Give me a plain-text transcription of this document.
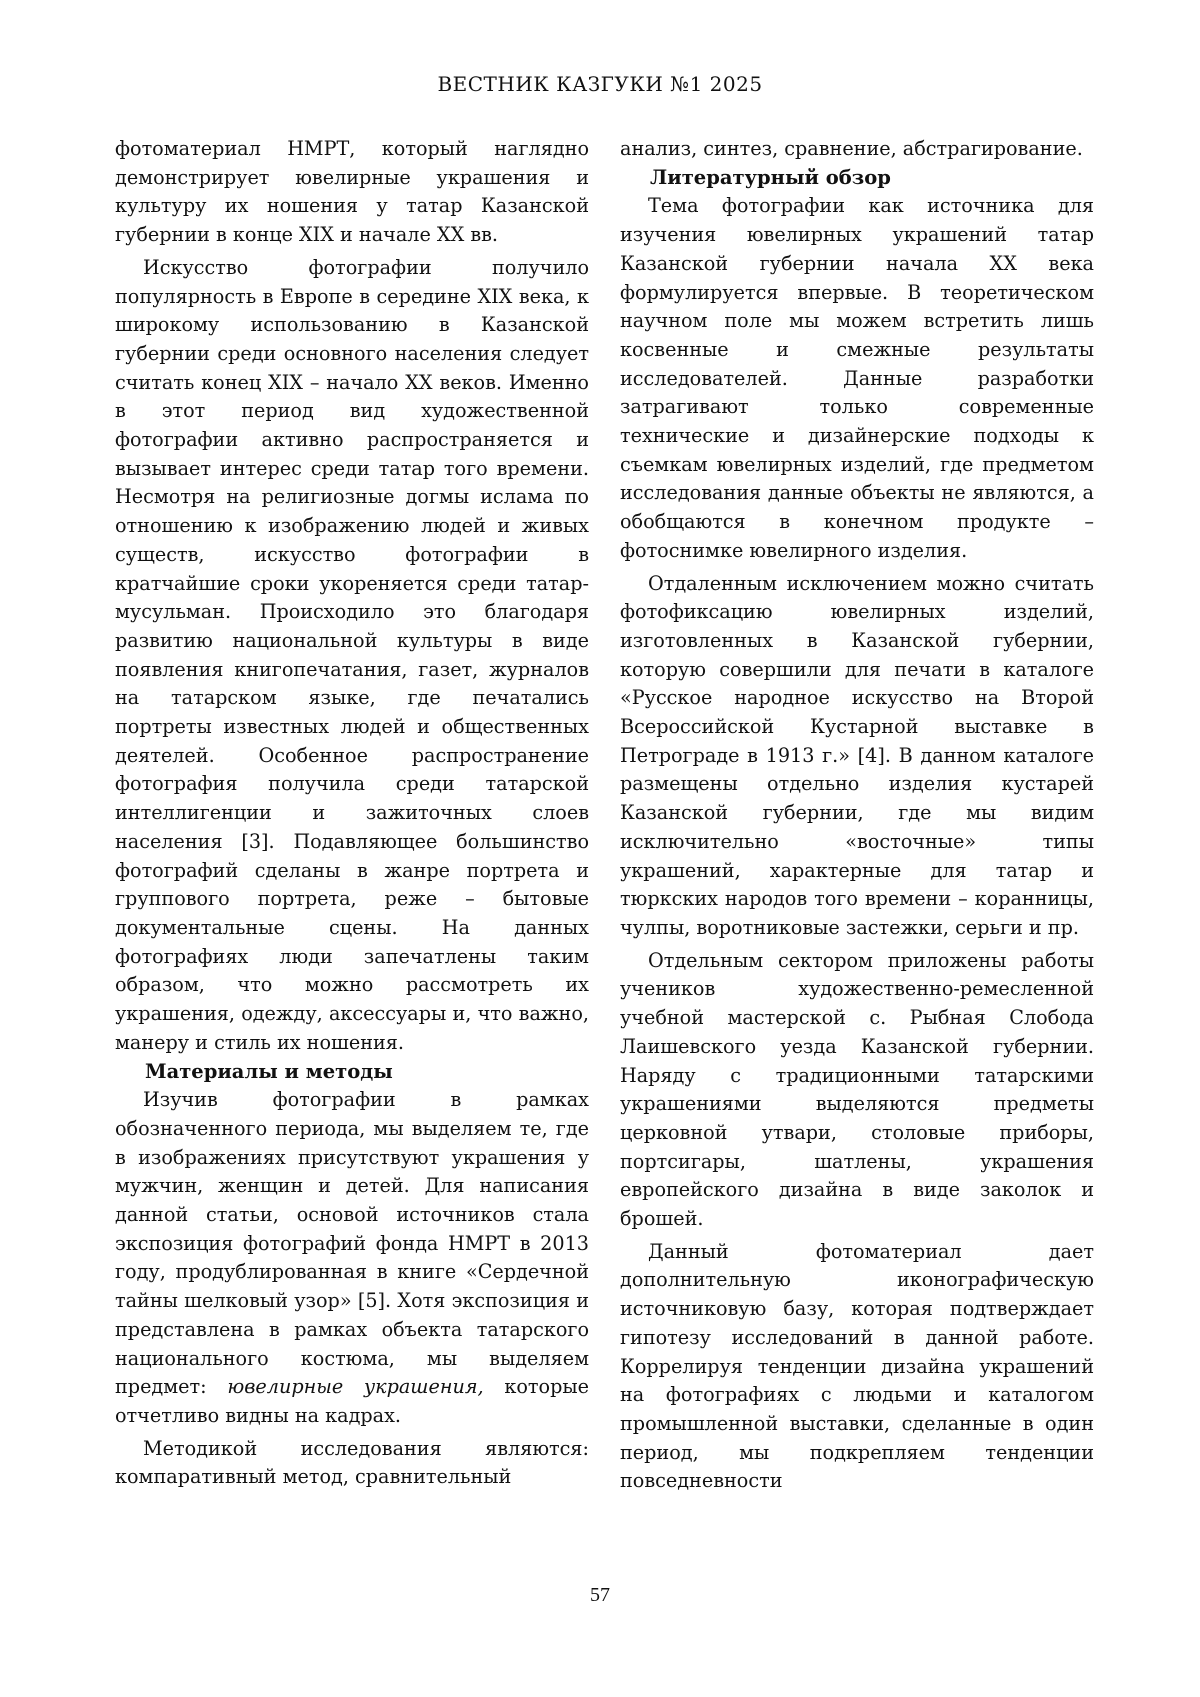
ВЕСТНИК КАЗГУКИ №1 2025

фотоматериал НМРТ, который наглядно демонстрирует ювелирные украшения и культуру их ношения у татар Казанской губернии в конце XIX и начале XX вв.

Искусство фотографии получило популярность в Европе в середине XIX века, к широкому использованию в Казанской губернии среди основного населения следует считать конец XIX – начало XX веков. Именно в этот период вид художественной фотографии активно распространяется и вызывает интерес среди татар того времени. Несмотря на религиозные догмы ислама по отношению к изображению людей и живых существ, искусство фотографии в кратчайшие сроки укореняется среди татар-мусульман. Происходило это благодаря развитию национальной культуры в виде появления книгопечатания, газет, журналов на татарском языке, где печатались портреты известных людей и общественных деятелей. Особенное распространение фотография получила среди татарской интеллигенции и зажиточных слоев населения [3]. Подавляющее большинство фотографий сделаны в жанре портрета и группового портрета, реже – бытовые документальные сцены. На данных фотографиях люди запечатлены таким образом, что можно рассмотреть их украшения, одежду, аксессуары и, что важно, манеру и стиль их ношения.

Материалы и методы

Изучив фотографии в рамках обозначенного периода, мы выделяем те, где в изображениях присутствуют украшения у мужчин, женщин и детей. Для написания данной статьи, основой источников стала экспозиция фотографий фонда НМРТ в 2013 году, продублированная в книге «Сердечной тайны шелковый узор» [5]. Хотя экспозиция и представлена в рамках объекта татарского национального костюма, мы выделяем предмет: ювелирные украшения, которые отчетливо видны на кадрах.

Методикой исследования являются: компаративный метод, сравнительный

анализ, синтез, сравнение, абстрагирование.

Литературный обзор

Тема фотографии как источника для изучения ювелирных украшений татар Казанской губернии начала XX века формулируется впервые. В теоретическом научном поле мы можем встретить лишь косвенные и смежные результаты исследователей. Данные разработки затрагивают только современные технические и дизайнерские подходы к съемкам ювелирных изделий, где предметом исследования данные объекты не являются, а обобщаются в конечном продукте – фотоснимке ювелирного изделия.

Отдаленным исключением можно считать фотофиксацию ювелирных изделий, изготовленных в Казанской губернии, которую совершили для печати в каталоге «Русское народное искусство на Второй Всероссийской Кустарной выставке в Петрограде в 1913 г.» [4]. В данном каталоге размещены отдельно изделия кустарей Казанской губернии, где мы видим исключительно «восточные» типы украшений, характерные для татар и тюркских народов того времени – коранницы, чулпы, воротниковые застежки, серьги и пр.

Отдельным сектором приложены работы учеников художественно-ремесленной учебной мастерской с. Рыбная Слобода Лаишевского уезда Казанской губернии. Наряду с традиционными татарскими украшениями выделяются предметы церковной утвари, столовые приборы, портсигары, шатлены, украшения европейского дизайна в виде заколок и брошей.

Данный фотоматериал дает дополнительную иконографическую источниковую базу, которая подтверждает гипотезу исследований в данной работе. Коррелируя тенденции дизайна украшений на фотографиях с людьми и каталогом промышленной выставки, сделанные в один период, мы подкрепляем тенденции повседневности

57
